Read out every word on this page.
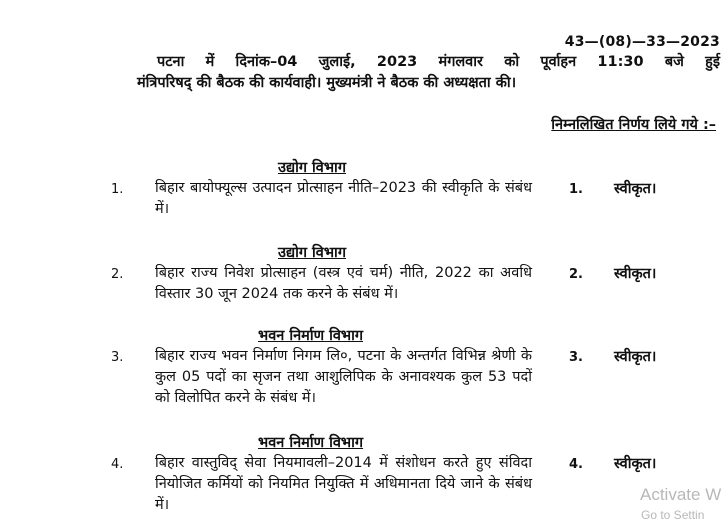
43—(08)—33—2023
पटना में दिनांक–04 जुलाई, 2023 मंगलवार को पूर्वाहन 11:30 बजे हुई
मंत्रिपरिषद् की बैठक की कार्यवाही। मुख्यमंत्री ने बैठक की अध्यक्षता की।
निम्नलिखित निर्णय लिये गये :–
उद्योग विभाग
1. बिहार बायोफ्यूल्स उत्पादन प्रोत्साहन नीति–2023 की स्वीकृति के संबंध में।
1. स्वीकृत।
उद्योग विभाग
2. बिहार राज्य निवेश प्रोत्साहन (वस्त्र एवं चर्म) नीति, 2022 का अवधि विस्तार 30 जून 2024 तक करने के संबंध में।
2. स्वीकृत।
भवन निर्माण विभाग
3. बिहार राज्य भवन निर्माण निगम लि०, पटना के अन्तर्गत विभिन्न श्रेणी के कुल 05 पदों का सृजन तथा आशुलिपिक के अनावश्यक कुल 53 पदों को विलोपित करने के संबंध में।
3. स्वीकृत।
भवन निर्माण विभाग
4. बिहार वास्तुविद् सेवा नियमावली–2014 में संशोधन करते हुए संविदा नियोजित कर्मियों को नियमित नियुक्ति में अधिमानता दिये जाने के संबंध में।
4. स्वीकृत।
Activate W
Go to Settin
